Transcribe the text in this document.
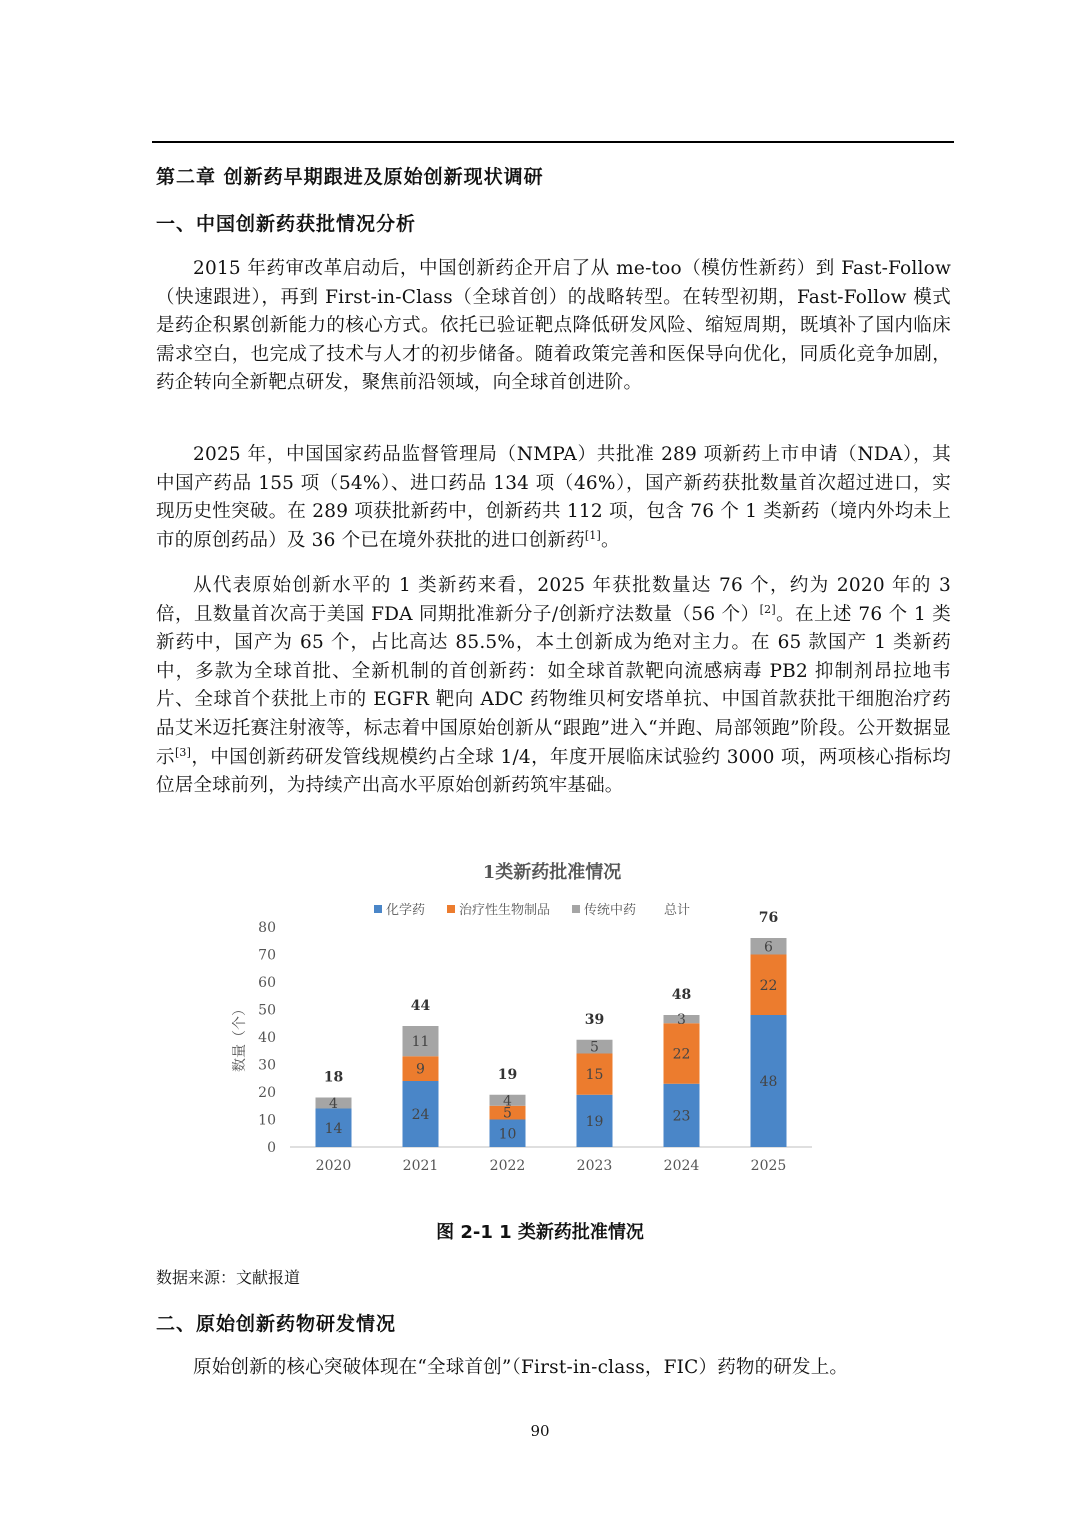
第二章 创新药早期跟进及原始创新现状调研
一、中国创新药获批情况分析
2015 年药审改革启动后，中国创新药企开启了从 me-too（模仿性新药）到 Fast-Follow（快速跟进），再到 First-in-Class（全球首创）的战略转型。在转型初期，Fast-Follow 模式是药企积累创新能力的核心方式。依托已验证靶点降低研发风险、缩短周期，既填补了国内临床需求空白，也完成了技术与人才的初步储备。随着政策完善和医保导向优化，同质化竞争加剧，药企转向全新靶点研发，聚焦前沿领域，向全球首创进阶。
2025 年，中国国家药品监督管理局（NMPA）共批准 289 项新药上市申请（NDA），其中国产药品 155 项（54%）、进口药品 134 项（46%），国产新药获批数量首次超过进口，实现历史性突破。在 289 项获批新药中，创新药共 112 项，包含 76 个 1 类新药（境内外均未上市的原创药品）及 36 个已在境外获批的进口创新药[1]。
从代表原始创新水平的 1 类新药来看，2025 年获批数量达 76 个，约为 2020 年的 3 倍，且数量首次高于美国 FDA 同期批准新分子/创新疗法数量（56 个）[2]。在上述 76 个 1 类新药中，国产为 65 个，占比高达 85.5%，本土创新成为绝对主力。在 65 款国产 1 类新药中，多款为全球首批、全新机制的首创新药：如全球首款靶向流感病毒 PB2 抑制剂昂拉地韦片、全球首个获批上市的 EGFR 靶向 ADC 药物维贝柯安塔单抗、中国首款获批干细胞治疗药品艾米迈托赛注射液等，标志着中国原始创新从“跟跑”进入“并跑、局部领跑”阶段。公开数据显示[3]，中国创新药研发管线规模约占全球 1/4，年度开展临床试验约 3000 项，两项核心指标均位居全球前列，为持续产出高水平原始创新药筑牢基础。
1类新药批准情况
化学药	治疗性生物制品	传统中药 总计
数量（个）
0
10
20
30
40
50
60
70
80
14
4
18
2020
24
9
11
44
2021
10
5
4
19
2022
19
15
5
39
2023
23
22
3
48
2024
48
22
6
76
2025
图 2-1 1 类新药批准情况
数据来源：文献报道
二、原始创新药物研发情况
原始创新的核心突破体现在“全球首创”（First-in-class，FIC）药物的研发上。
90
